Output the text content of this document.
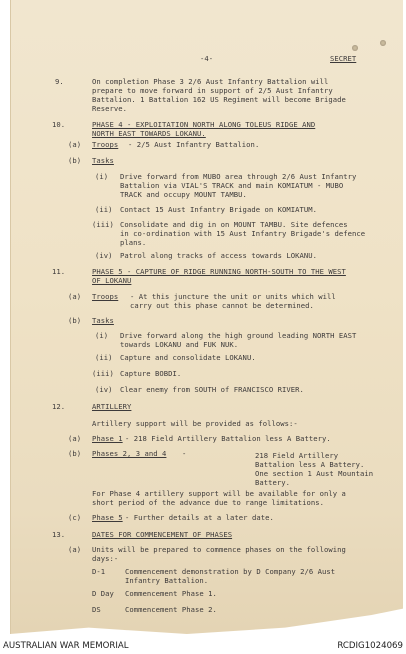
-4-	SECRET
9.	On completion Phase 3 2/6 Aust Infantry Battalion will
prepare to move forward in support of 2/5 Aust Infantry
Battalion. 1 Battalion 162 US Regiment will become Brigade
Reserve.
10.	PHASE 4 - EXPLOITATION NORTH ALONG TOLEUS RIDGE AND
NORTH EAST TOWARDS LOKANU.
(a) Troops - 2/5 Aust Infantry Battalion.
(b) Tasks
(i) Drive forward from MUBO area through 2/6 Aust Infantry
Battalion via VIAL'S TRACK and main KOMIATUM - MUBO
TRACK and occupy MOUNT TAMBU.
(ii) Contact 15 Aust Infantry Brigade on KOMIATUM.
(iii) Consolidate and dig in on MOUNT TAMBU. Site defences
in co-ordination with 15 Aust Infantry Brigade's defence
plans.
(iv) Patrol along tracks of access towards LOKANU.
11.	PHASE 5 - CAPTURE OF RIDGE RUNNING NORTH-SOUTH TO THE WEST
OF LOKANU
(a) Troops - At this juncture the unit or units which will
carry out this phase cannot be determined.
(b) Tasks
(i) Drive forward along the high ground leading NORTH EAST
towards LOKANU and FUK NUK.
(ii) Capture and consolidate LOKANU.
(iii) Capture BOBDI.
(iv) Clear enemy from SOUTH of FRANCISCO RIVER.
12.	ARTILLERY
Artillery support will be provided as follows:-
(a) Phase 1 - 218 Field Artillery Battalion less A Battery.
(b) Phases 2, 3 and 4 -	218 Field Artillery
Battalion less A Battery.
One section 1 Aust Mountain
Battery.
For Phase 4 artillery support will be available for only a
short period of the advance due to range limitations.
(c) Phase 5 - Further details at a later date.
13.	DATES FOR COMMENCEMENT OF PHASES
(a) Units will be prepared to commence phases on the following
days:-
D-1	Commencement demonstration by D Company 2/6 Aust
Infantry Battalion.
D Day Commencement Phase 1.
DS	Commencement Phase 2.
AUSTRALIAN WAR MEMORIAL	RCDIG1024069
